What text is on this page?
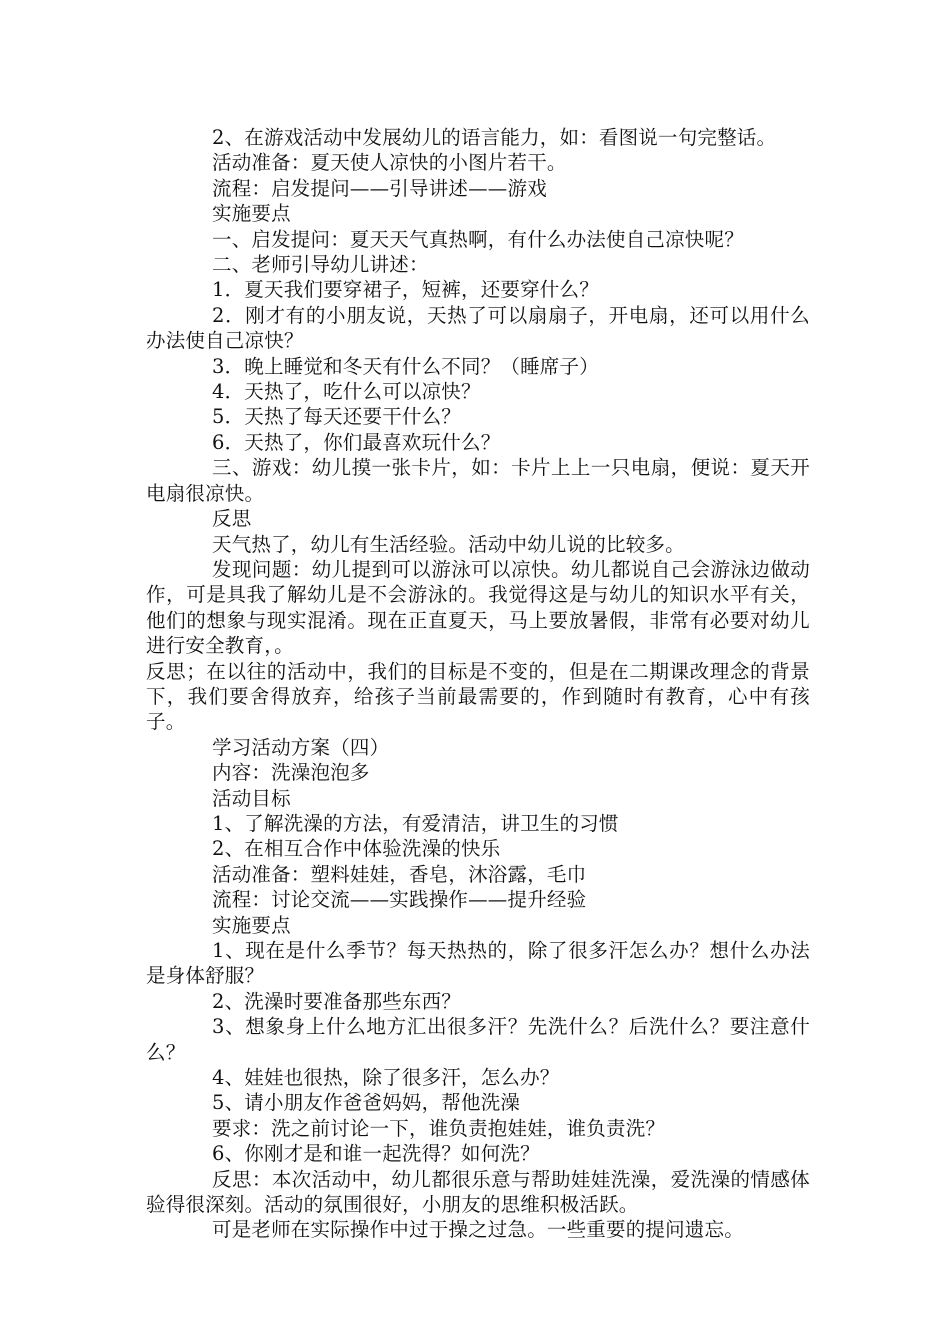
2、在游戏活动中发展幼儿的语言能力，如：看图说一句完整话。

活动准备：夏天使人凉快的小图片若干。

流程：启发提问——引导讲述——游戏

实施要点

一、启发提问：夏天天气真热啊，有什么办法使自己凉快呢？

二、老师引导幼儿讲述：

1．夏天我们要穿裙子，短裤，还要穿什么？

2．刚才有的小朋友说，天热了可以扇扇子，开电扇，还可以用什么办法使自己凉快？

3．晚上睡觉和冬天有什么不同？（睡席子）

4．天热了，吃什么可以凉快？

5．天热了每天还要干什么？

6．天热了，你们最喜欢玩什么？

三、游戏：幼儿摸一张卡片，如：卡片上上一只电扇，便说：夏天开电扇很凉快。

反思

天气热了，幼儿有生活经验。活动中幼儿说的比较多。

发现问题：幼儿提到可以游泳可以凉快。幼儿都说自己会游泳边做动作，可是具我了解幼儿是不会游泳的。我觉得这是与幼儿的知识水平有关，他们的想象与现实混淆。现在正直夏天，马上要放暑假，非常有必要对幼儿进行安全教育，。

反思；在以往的活动中，我们的目标是不变的，但是在二期课改理念的背景下，我们要舍得放弃，给孩子当前最需要的，作到随时有教育，心中有孩子。

学习活动方案（四）

内容：洗澡泡泡多

活动目标

1、了解洗澡的方法，有爱清洁，讲卫生的习惯

2、在相互合作中体验洗澡的快乐

活动准备：塑料娃娃，香皂，沐浴露，毛巾

流程：讨论交流——实践操作——提升经验

实施要点

1、现在是什么季节？每天热热的，除了很多汗怎么办？想什么办法是身体舒服？

2、洗澡时要准备那些东西？

3、想象身上什么地方汇出很多汗？先洗什么？后洗什么？要注意什么？

4、娃娃也很热，除了很多汗，怎么办？

5、请小朋友作爸爸妈妈，帮他洗澡

要求：洗之前讨论一下，谁负责抱娃娃，谁负责洗？

6、你刚才是和谁一起洗得？如何洗？

反思：本次活动中，幼儿都很乐意与帮助娃娃洗澡，爱洗澡的情感体验得很深刻。活动的氛围很好，小朋友的思维积极活跃。

可是老师在实际操作中过于操之过急。一些重要的提问遗忘。
